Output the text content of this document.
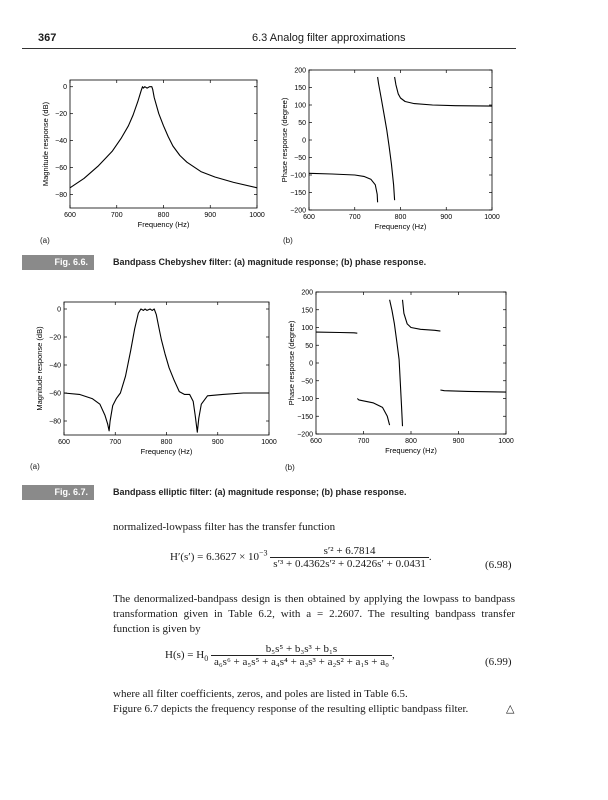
367	6.3 Analog filter approximations
600	700	800	900	1000
0
−20
−40
−60
−80
Frequency (Hz)
Magnitude response (dB)
(a)
600	700	800	900	1000
200
150
100
50
0
−50
−100
−150
−200
Frequency (Hz)
Phase response (degree)
(b)
Fig. 6.6.	Bandpass Chebyshev filter: (a) magnitude response; (b) phase response.
600	700	800	900	1000
0
−20
−40
−60
−80
Frequency (Hz)
Magnitude response (dB)
(a)
600	700	800	900	1000
200
150
100
50
0
−50
−100
−150
−200
Frequency (Hz)
Phase response (degree)
(b)
Fig. 6.7.	Bandpass elliptic filter: (a) magnitude response; (b) phase response.
normalized-lowpass filter has the transfer function
$H'(s') = 6.3627 \times 10^{-3} \frac{\text{s′² + 6.7814}}{\text{s′³ + 0.4362s′² + 0.2426s′ + 0.0431}}$ .
(6.98)
The denormalized-bandpass design is then obtained by applying the lowpass to bandpass transformation given in Table 6.2, with a = 2.2607. The resulting bandpass transfer function is given by
$H(s) = H_0 \frac{\text{b₅s⁵ + b₃s³ + b₁s}}{\text{a₆s⁶ + a₅s⁵ + a₄s⁴ + a₃s³ + a₂s² + a₁s + a₀}}$ ,
(6.99)
where all filter coefficients, zeros, and poles are listed in Table 6.5.
Figure 6.7 depicts the frequency response of the resulting elliptic bandpass filter.	△
